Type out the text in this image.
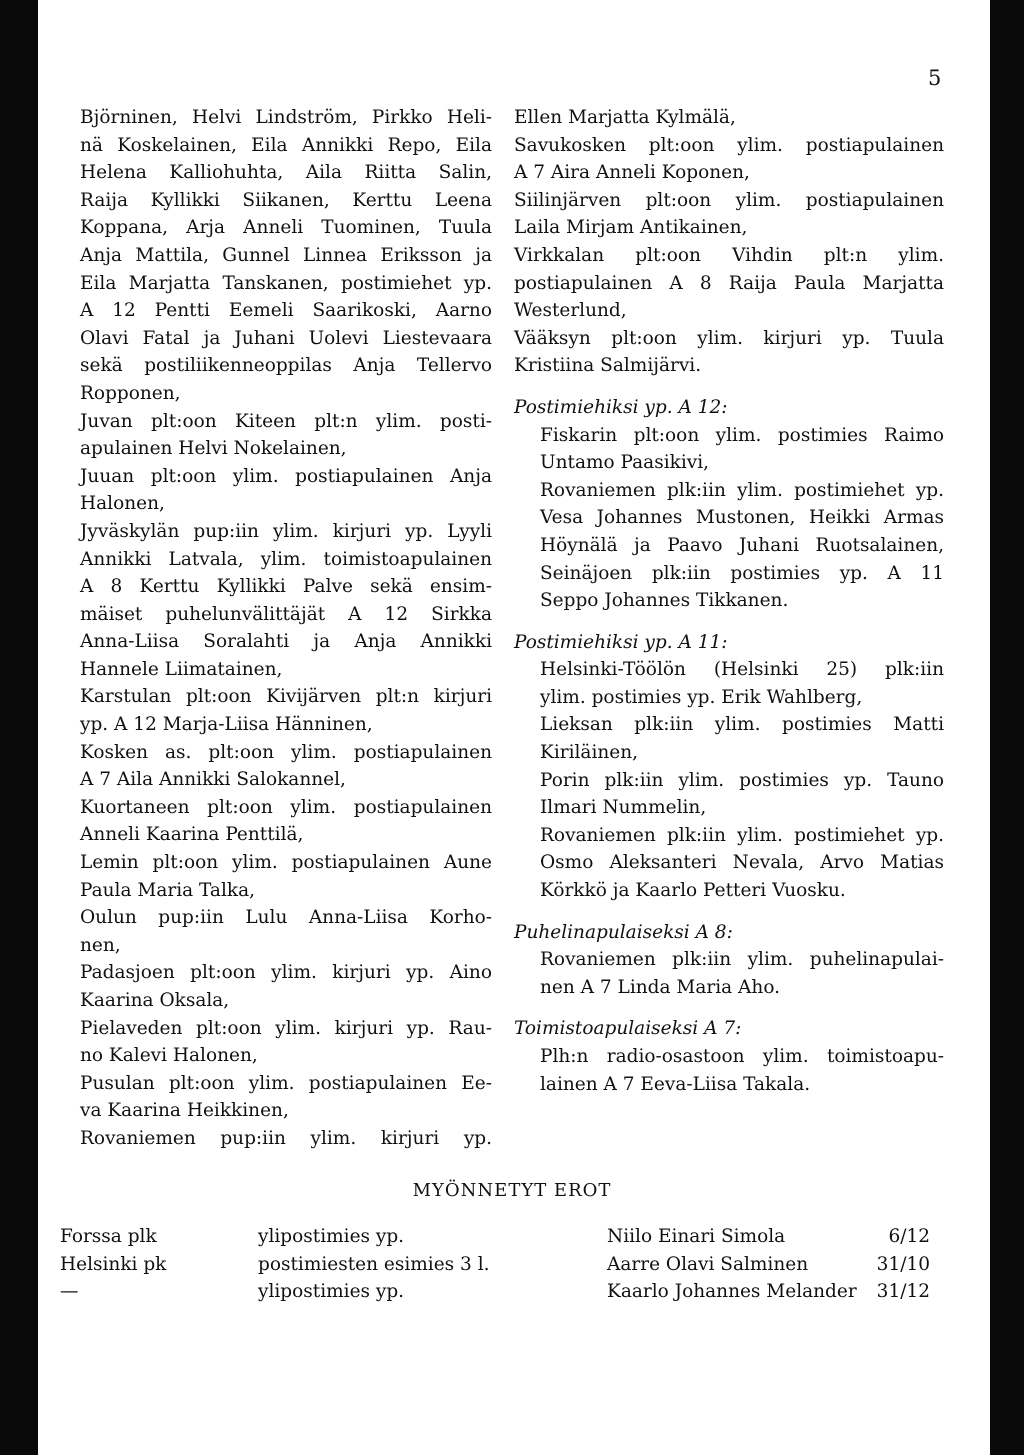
5
Björninen, Helvi Lindström, Pirkko Heli-
nä Koskelainen, Eila Annikki Repo, Eila
Helena Kalliohuhta, Aila Riitta Salin,
Raija Kyllikki Siikanen, Kerttu Leena
Koppana, Arja Anneli Tuominen, Tuula
Anja Mattila, Gunnel Linnea Eriksson ja
Eila Marjatta Tanskanen, postimiehet yp.
A 12 Pentti Eemeli Saarikoski, Aarno
Olavi Fatal ja Juhani Uolevi Liestevaara
sekä postiliikenneoppilas Anja Tellervo
Ropponen,
Juvan plt:oon Kiteen plt:n ylim. posti-
apulainen Helvi Nokelainen,
Juuan plt:oon ylim. postiapulainen Anja
Halonen,
Jyväskylän pup:iin ylim. kirjuri yp. Lyyli
Annikki Latvala, ylim. toimistoapulainen
A 8 Kerttu Kyllikki Palve sekä ensim-
mäiset puhelunvälittäjät A 12 Sirkka
Anna-Liisa Soralahti ja Anja Annikki
Hannele Liimatainen,
Karstulan plt:oon Kivijärven plt:n kirjuri
yp. A 12 Marja-Liisa Hänninen,
Kosken as. plt:oon ylim. postiapulainen
A 7 Aila Annikki Salokannel,
Kuortaneen plt:oon ylim. postiapulainen
Anneli Kaarina Penttilä,
Lemin plt:oon ylim. postiapulainen Aune
Paula Maria Talka,
Oulun pup:iin Lulu Anna-Liisa Korho-
nen,
Padasjoen plt:oon ylim. kirjuri yp. Aino
Kaarina Oksala,
Pielaveden plt:oon ylim. kirjuri yp. Rau-
no Kalevi Halonen,
Pusulan plt:oon ylim. postiapulainen Ee-
va Kaarina Heikkinen,
Rovaniemen pup:iin ylim. kirjuri yp.
Ellen Marjatta Kylmälä,
Savukosken plt:oon ylim. postiapulainen
A 7 Aira Anneli Koponen,
Siilinjärven plt:oon ylim. postiapulainen
Laila Mirjam Antikainen,
Virkkalan plt:oon Vihdin plt:n ylim.
postiapulainen A 8 Raija Paula Marjatta
Westerlund,
Vääksyn plt:oon ylim. kirjuri yp. Tuula
Kristiina Salmijärvi.
Postimiehiksi yp. A 12:
Fiskarin plt:oon ylim. postimies Raimo
Untamo Paasikivi,
Rovaniemen plk:iin ylim. postimiehet yp.
Vesa Johannes Mustonen, Heikki Armas
Höynälä ja Paavo Juhani Ruotsalainen,
Seinäjoen plk:iin postimies yp. A 11
Seppo Johannes Tikkanen.
Postimiehiksi yp. A 11:
Helsinki-Töölön (Helsinki 25) plk:iin
ylim. postimies yp. Erik Wahlberg,
Lieksan plk:iin ylim. postimies Matti
Kiriläinen,
Porin plk:iin ylim. postimies yp. Tauno
Ilmari Nummelin,
Rovaniemen plk:iin ylim. postimiehet yp.
Osmo Aleksanteri Nevala, Arvo Matias
Körkkö ja Kaarlo Petteri Vuosku.
Puhelinapulaiseksi A 8:
Rovaniemen plk:iin ylim. puhelinapulai-
nen A 7 Linda Maria Aho.
Toimistoapulaiseksi A 7:
Plh:n radio-osastoon ylim. toimistoapu-
lainen A 7 Eeva-Liisa Takala.
MYÖNNETYT EROT
Forssa plk	ylipostimies yp.	Niilo Einari Simola	6/12
Helsinki pk	postimiesten esimies 3 l.	Aarre Olavi Salminen	31/10
—	ylipostimies yp.	Kaarlo Johannes Melander 31/12
